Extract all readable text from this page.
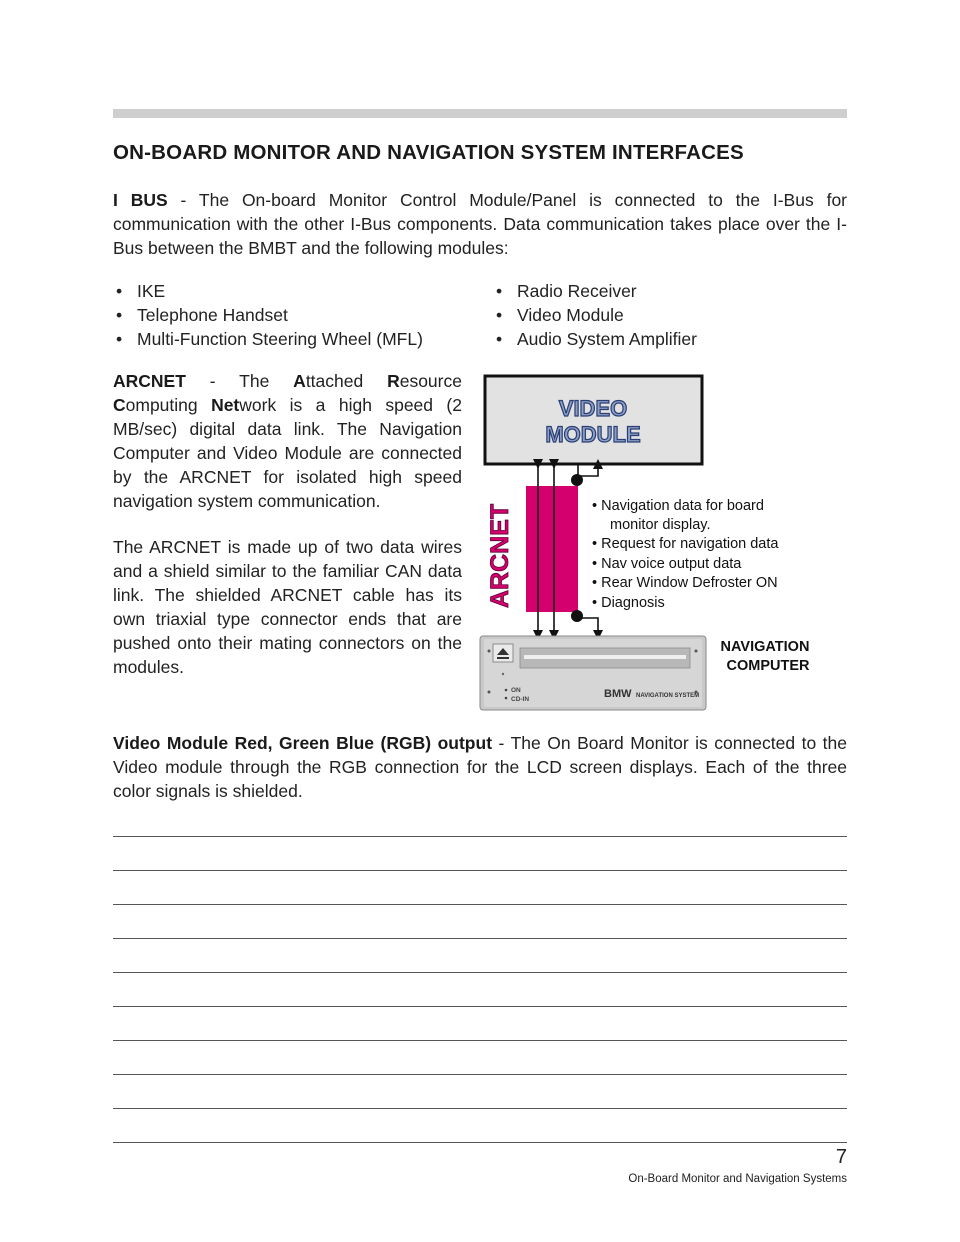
ON-BOARD MONITOR AND NAVIGATION SYSTEM INTERFACES

I BUS - The On-board Monitor Control Module/Panel is connected to the I-Bus for communication with the other I-Bus components. Data communication takes place over the I-Bus between the BMBT and the following modules:

• IKE
• Telephone Handset
• Multi-Function Steering Wheel (MFL)
• Radio Receiver
• Video Module
• Audio System Amplifier

ARCNET - The Attached Resource Computing Network is a high speed (2 MB/sec) digital data link. The Navigation Computer and Video Module are connected by the ARCNET for isolated high speed navigation system communication.

The ARCNET is made up of two data wires and a shield similar to the familiar CAN data link. The shielded ARCNET cable has its own triaxial type connector ends that are pushed onto their mating connectors on the modules.

VIDEO
MODULE
ARCNET	• Navigation data for board
monitor display.
• Request for navigation data
• Nav voice output data
• Rear Window Defroster ON
• Diagnosis
NAVIGATION
COMPUTER
ON
CD-IN	BMW NAVIGATION SYSTEM

Video Module Red, Green Blue (RGB) output - The On Board Monitor is connected to the Video module through the RGB connection for the LCD screen displays. Each of the three color signals is shielded.

7

On-Board Monitor and Navigation Systems
